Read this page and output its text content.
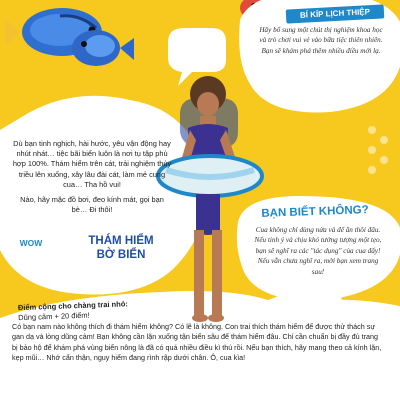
BÍ KÍP LỊCH THIỆP
Hãy bổ sung một chút thị nghiệm khoa học và trò chơi vui vẻ vào bữa tiệc thiên nhiên. Bạn sẽ khám phá thêm nhiều điều mới lạ.

Dù bạn tinh nghịch, hài hước, yêu vận động hay nhút nhát… tiệc bãi biển luôn là nơi tụ tập phù hợp 100%. Thám hiểm trên cát, trải nghiệm thủy triều lên xuống, xây lâu đài cát, làm mẻ cung cua… Tha hồ vui!

Nào, hãy mặc đồ bơi, đeo kính mát, gọi bạn bè… Đi thôi!	BẠN BIẾT KHÔNG?
Cua không chỉ dùng nửa và để ăn thôi đâu. Nếu tinh ý và chịu khó tưởng tượng một tẹo, bạn sẽ nghĩ ra các "tác dụng" của cua đấy! Nếu vẫn chưa nghĩ ra, mời bạn xem trang sau!
WOW	THÁM HIỂM
BỜ BIỂN
Điểm cộng cho chàng trai nhỏ:
Dũng cảm + 20 điểm!
Có bạn nam nào không thích đi thám hiểm không? Có lẽ là không. Con trai thích thám hiểm để được thử thách sự gan dạ và lòng dũng cảm! Bạn không cần lặn xuống tận biển sâu để thám hiểm đâu. Chỉ cần chuẩn bị đầy đủ trang bị bảo hộ để khám phá vùng biển nông là đã có quá nhiều điều kì thú rồi. Nếu bạn thích, hãy mang theo cả kính lặn, kẹp mũi… Nhớ cẩn thận, nguy hiểm đang rình rập dưới chân. Ô, cua kìa!
